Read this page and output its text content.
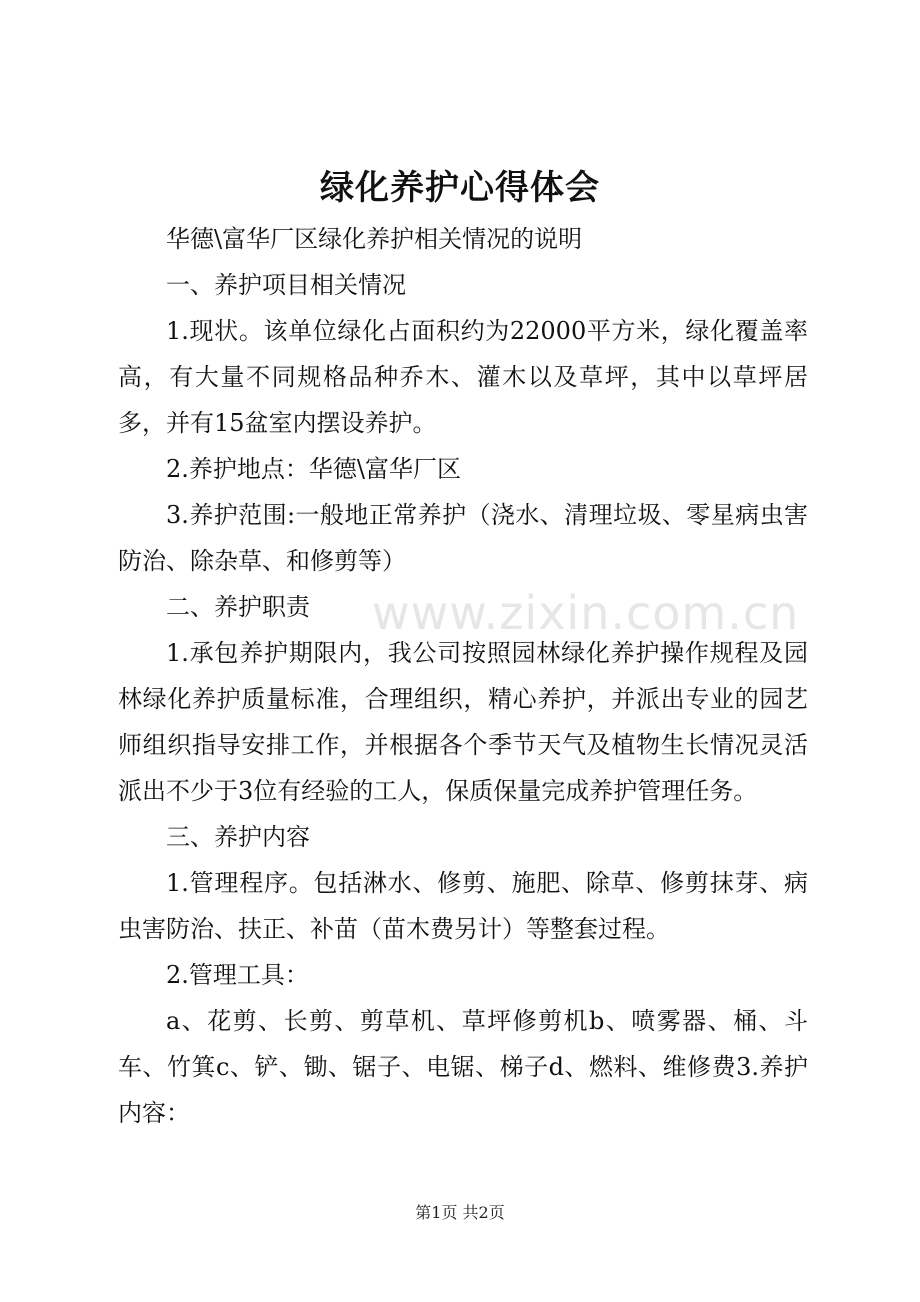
绿化养护心得体会

华德\富华厂区绿化养护相关情况的说明

一、养护项目相关情况

1.现状。该单位绿化占面积约为22000平方米，绿化覆盖率高，有大量不同规格品种乔木、灌木以及草坪，其中以草坪居多，并有15盆室内摆设养护。

2.养护地点：华德\富华厂区

3.养护范围:一般地正常养护（浇水、清理垃圾、零星病虫害防治、除杂草、和修剪等）

二、养护职责

1.承包养护期限内，我公司按照园林绿化养护操作规程及园林绿化养护质量标准，合理组织，精心养护，并派出专业的园艺师组织指导安排工作，并根据各个季节天气及植物生长情况灵活派出不少于3位有经验的工人，保质保量完成养护管理任务。

三、养护内容

1.管理程序。包括淋水、修剪、施肥、除草、修剪抹芽、病虫害防治、扶正、补苗（苗木费另计）等整套过程。

2.管理工具：

a、花剪、长剪、剪草机、草坪修剪机b、喷雾器、桶、斗车、竹箕c、铲、锄、锯子、电锯、梯子d、燃料、维修费3.养护内容：

www.zixin.com.cn
第1页 共2页
